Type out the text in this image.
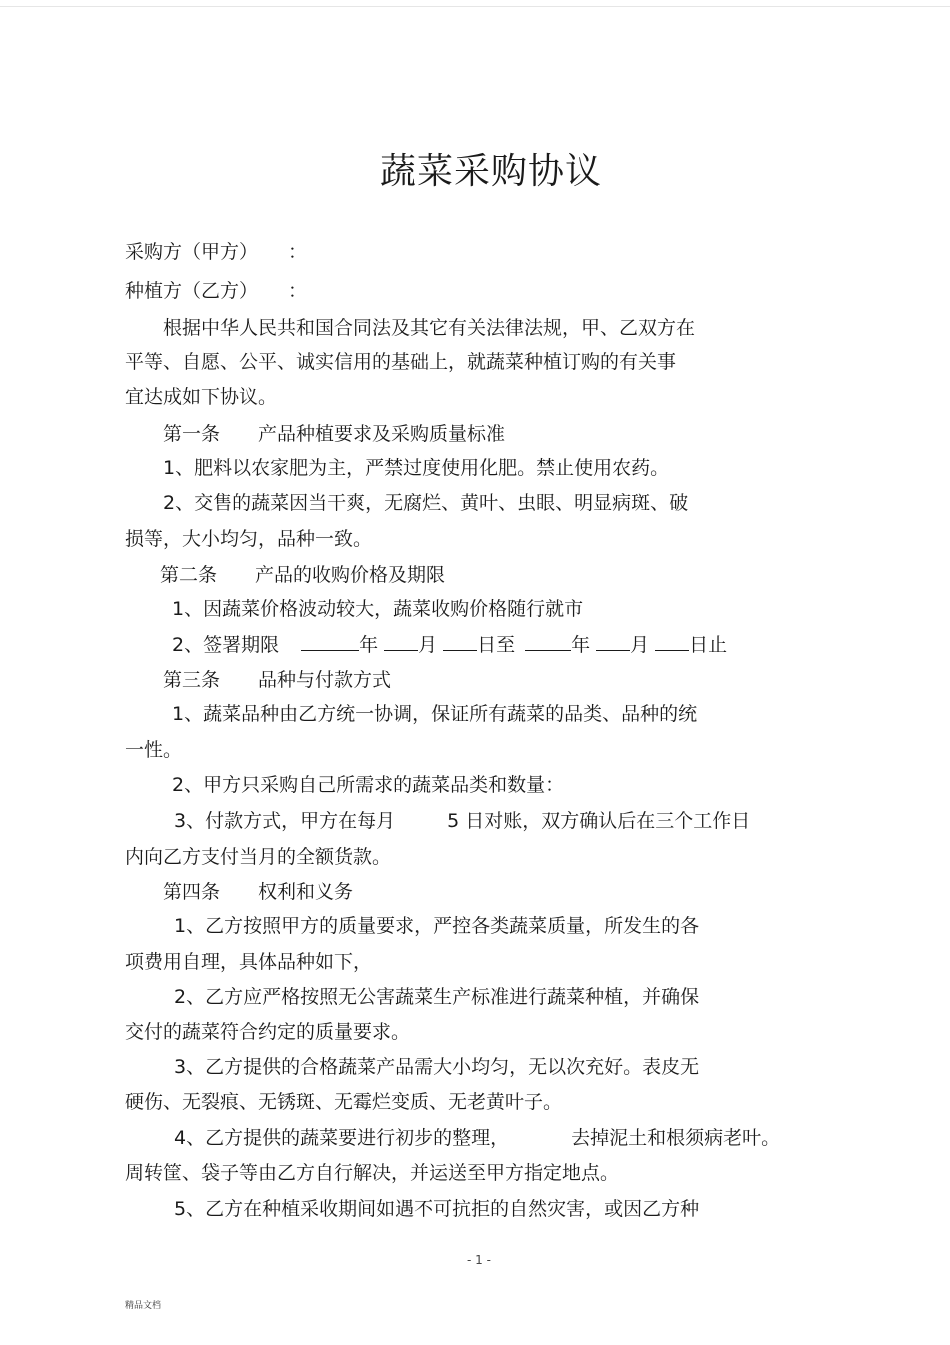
蔬菜采购协议
采购方（甲方） ：
种植方（乙方） ：
根据中华人民共和国合同法及其它有关法律法规，甲、乙双方在
平等、自愿、公平、诚实信用的基础上，就蔬菜种植订购的有关事
宜达成如下协议。
第一条 产品种植要求及采购质量标准
1、肥料以农家肥为主，严禁过度使用化肥。禁止使用农药。
2、交售的蔬菜因当干爽，无腐烂、黄叶、虫眼、明显病斑、破
损等，大小均匀，品种一致。
第二条 产品的收购价格及期限
1、因蔬菜价格波动较大，蔬菜收购价格随行就市
2、签署期限	年 月 日至	年 月 日止
第三条 品种与付款方式
1、蔬菜品种由乙方统一协调，保证所有蔬菜的品类、品种的统
一性。
2、甲方只采购自己所需求的蔬菜品类和数量：
3、付款方式，甲方在每月	5 日对账，双方确认后在三个工作日
内向乙方支付当月的全额货款。
第四条 权利和义务
1、乙方按照甲方的质量要求，严控各类蔬菜质量，所发生的各
项费用自理，具体品种如下，
2、乙方应严格按照无公害蔬菜生产标准进行蔬菜种植，并确保
交付的蔬菜符合约定的质量要求。
3、乙方提供的合格蔬菜产品需大小均匀，无以次充好。表皮无
硬伤、无裂痕、无锈斑、无霉烂变质、无老黄叶子。
4、乙方提供的蔬菜要进行初步的整理，	去掉泥土和根须病老叶。
周转筐、袋子等由乙方自行解决，并运送至甲方指定地点。
5、乙方在种植采收期间如遇不可抗拒的自然灾害，或因乙方种
- 1 -
精品文档
